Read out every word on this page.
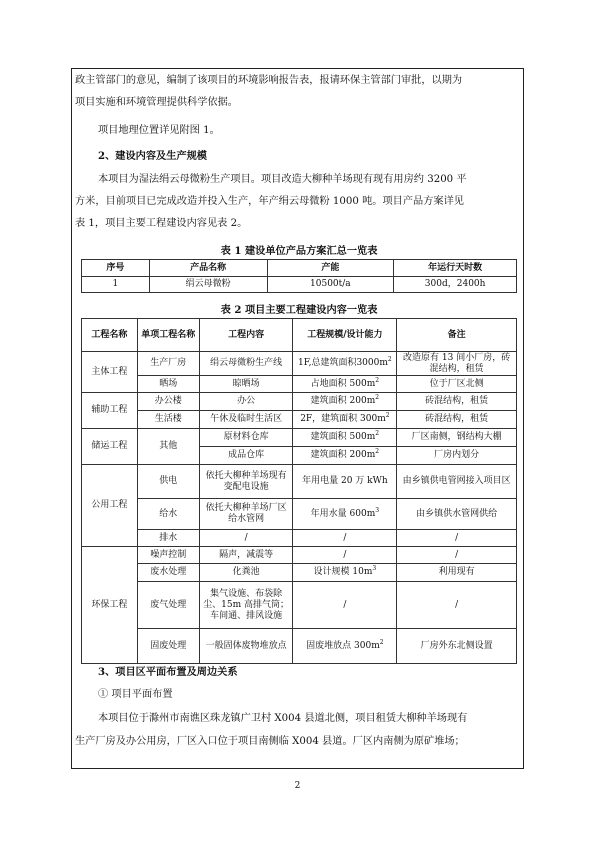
政主管部门的意见，编制了该项目的环境影响报告表，报请环保主管部门审批，以期为
项目实施和环境管理提供科学依据。
项目地理位置详见附图 1。
2、建设内容及生产规模
本项目为湿法绢云母微粉生产项目。项目改造大柳种羊场现有现有用房约 3200 平
方米，目前项目已完成改造并投入生产，年产绢云母微粉 1000 吨。项目产品方案详见
表 1，项目主要工程建设内容见表 2。
表 1 建设单位产品方案汇总一览表
序号	产品名称	产能	年运行天时数
1	绢云母微粉	10500t/a	300d，2400h
表 2 项目主要工程建设内容一览表
工程名称	单项工程名称	工程内容	工程规模/设计能力	备注
主体工程	生产厂房	绢云母微粉生产线	1F,总建筑面积$3000m^2$	改造原有 13 间小厂房，砖混结构，租赁
	晒场	晾晒场	占地面积 $500m^2$	位于厂区北侧
辅助工程	办公楼	办公	建筑面积 $200m^2$	砖混结构，租赁
	生活楼	午休及临时生活区	2F，建筑面积 $300m^2$	砖混结构，租赁
储运工程	其他	原材料仓库	建筑面积 $500m^2$	厂区南侧，钢结构大棚
		成品仓库	建筑面积 $200m^2$	厂房内划分
公用工程	供电	依托大柳种羊场现有变配电设施	年用电量 20 万 kWh	由乡镇供电管网接入项目区
	给水	依托大柳种羊场厂区给水管网	年用水量 $600m^3$	由乡镇供水管网供给
	排水	/	/	/
环保工程	噪声控制	隔声，减震等	/	/
	废水处理	化粪池	设计规模 $10m^3$	利用现有
	废气处理	集气设施、布袋除尘、15m 高排气筒；车间通、排风设施	/	/
	固废处理	一般固体废物堆放点	固废堆放点 $300m^2$	厂房外东北侧设置
3、项目区平面布置及周边关系
① 项目平面布置
本项目位于滁州市南谯区珠龙镇广卫村 X004 县道北侧，项目租赁大柳种羊场现有
生产厂房及办公用房，厂区入口位于项目南侧临 X004 县道。厂区内南侧为原矿堆场；
2
